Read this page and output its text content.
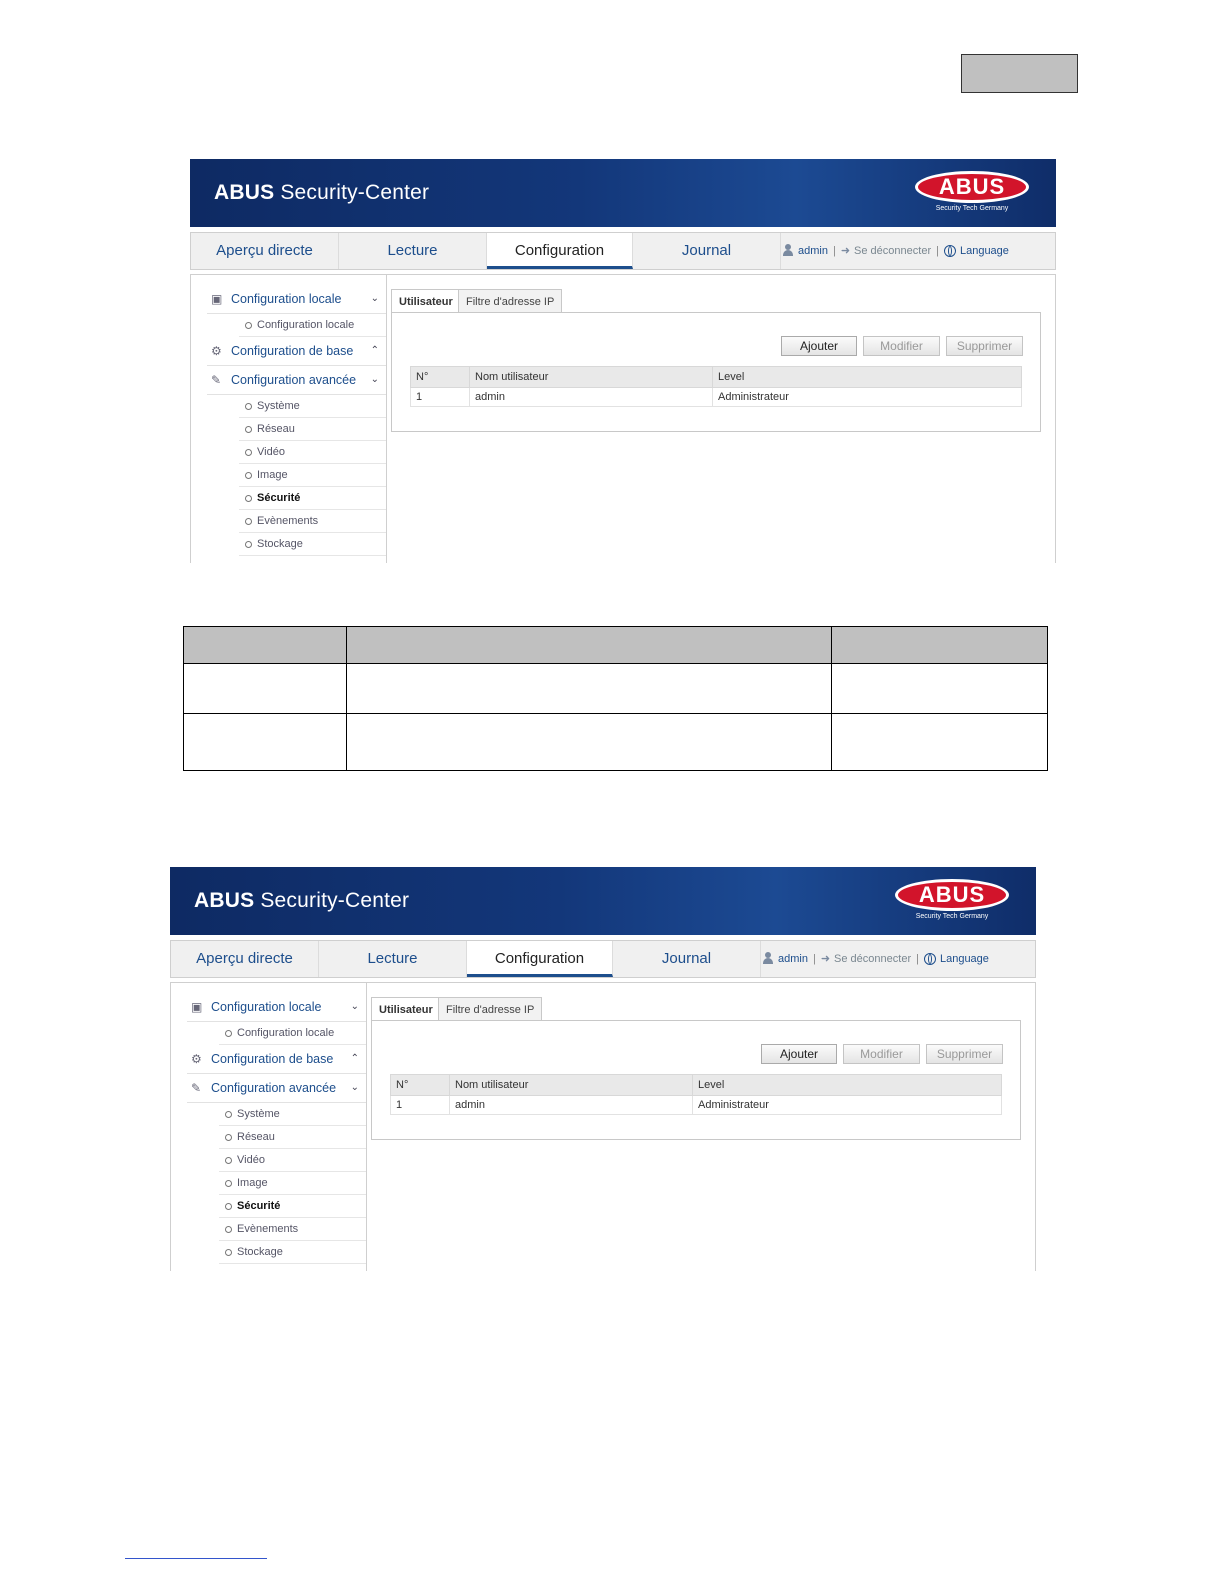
ABUS Security-Center	ABUS
Security Tech Germany
Aperçu directe	Lecture	Configuration	Journal	admin | ➜ Se déconnecter | Language
▣ Configuration locale	⌄
Configuration locale
⚙ Configuration de base ⌃
✎ Configuration avancée ⌄
Système
Réseau
Vidéo
Image
Sécurité
Evènements
Stockage
Utilisateur	Filtre d'adresse IP
Ajouter	Modifier	Supprimer
N°	Nom utilisateur	Level
1	admin	Administrateur

ABUS Security-Center	ABUS
Security Tech Germany
Aperçu directe	Lecture	Configuration	Journal	admin | ➜ Se déconnecter | Language
▣ Configuration locale	⌄
Configuration locale
⚙ Configuration de base ⌃
✎ Configuration avancée ⌄
Système
Réseau
Vidéo
Image
Sécurité
Evènements
Stockage
Utilisateur	Filtre d'adresse IP
Ajouter	Modifier	Supprimer
N°	Nom utilisateur	Level
1	admin	Administrateur
